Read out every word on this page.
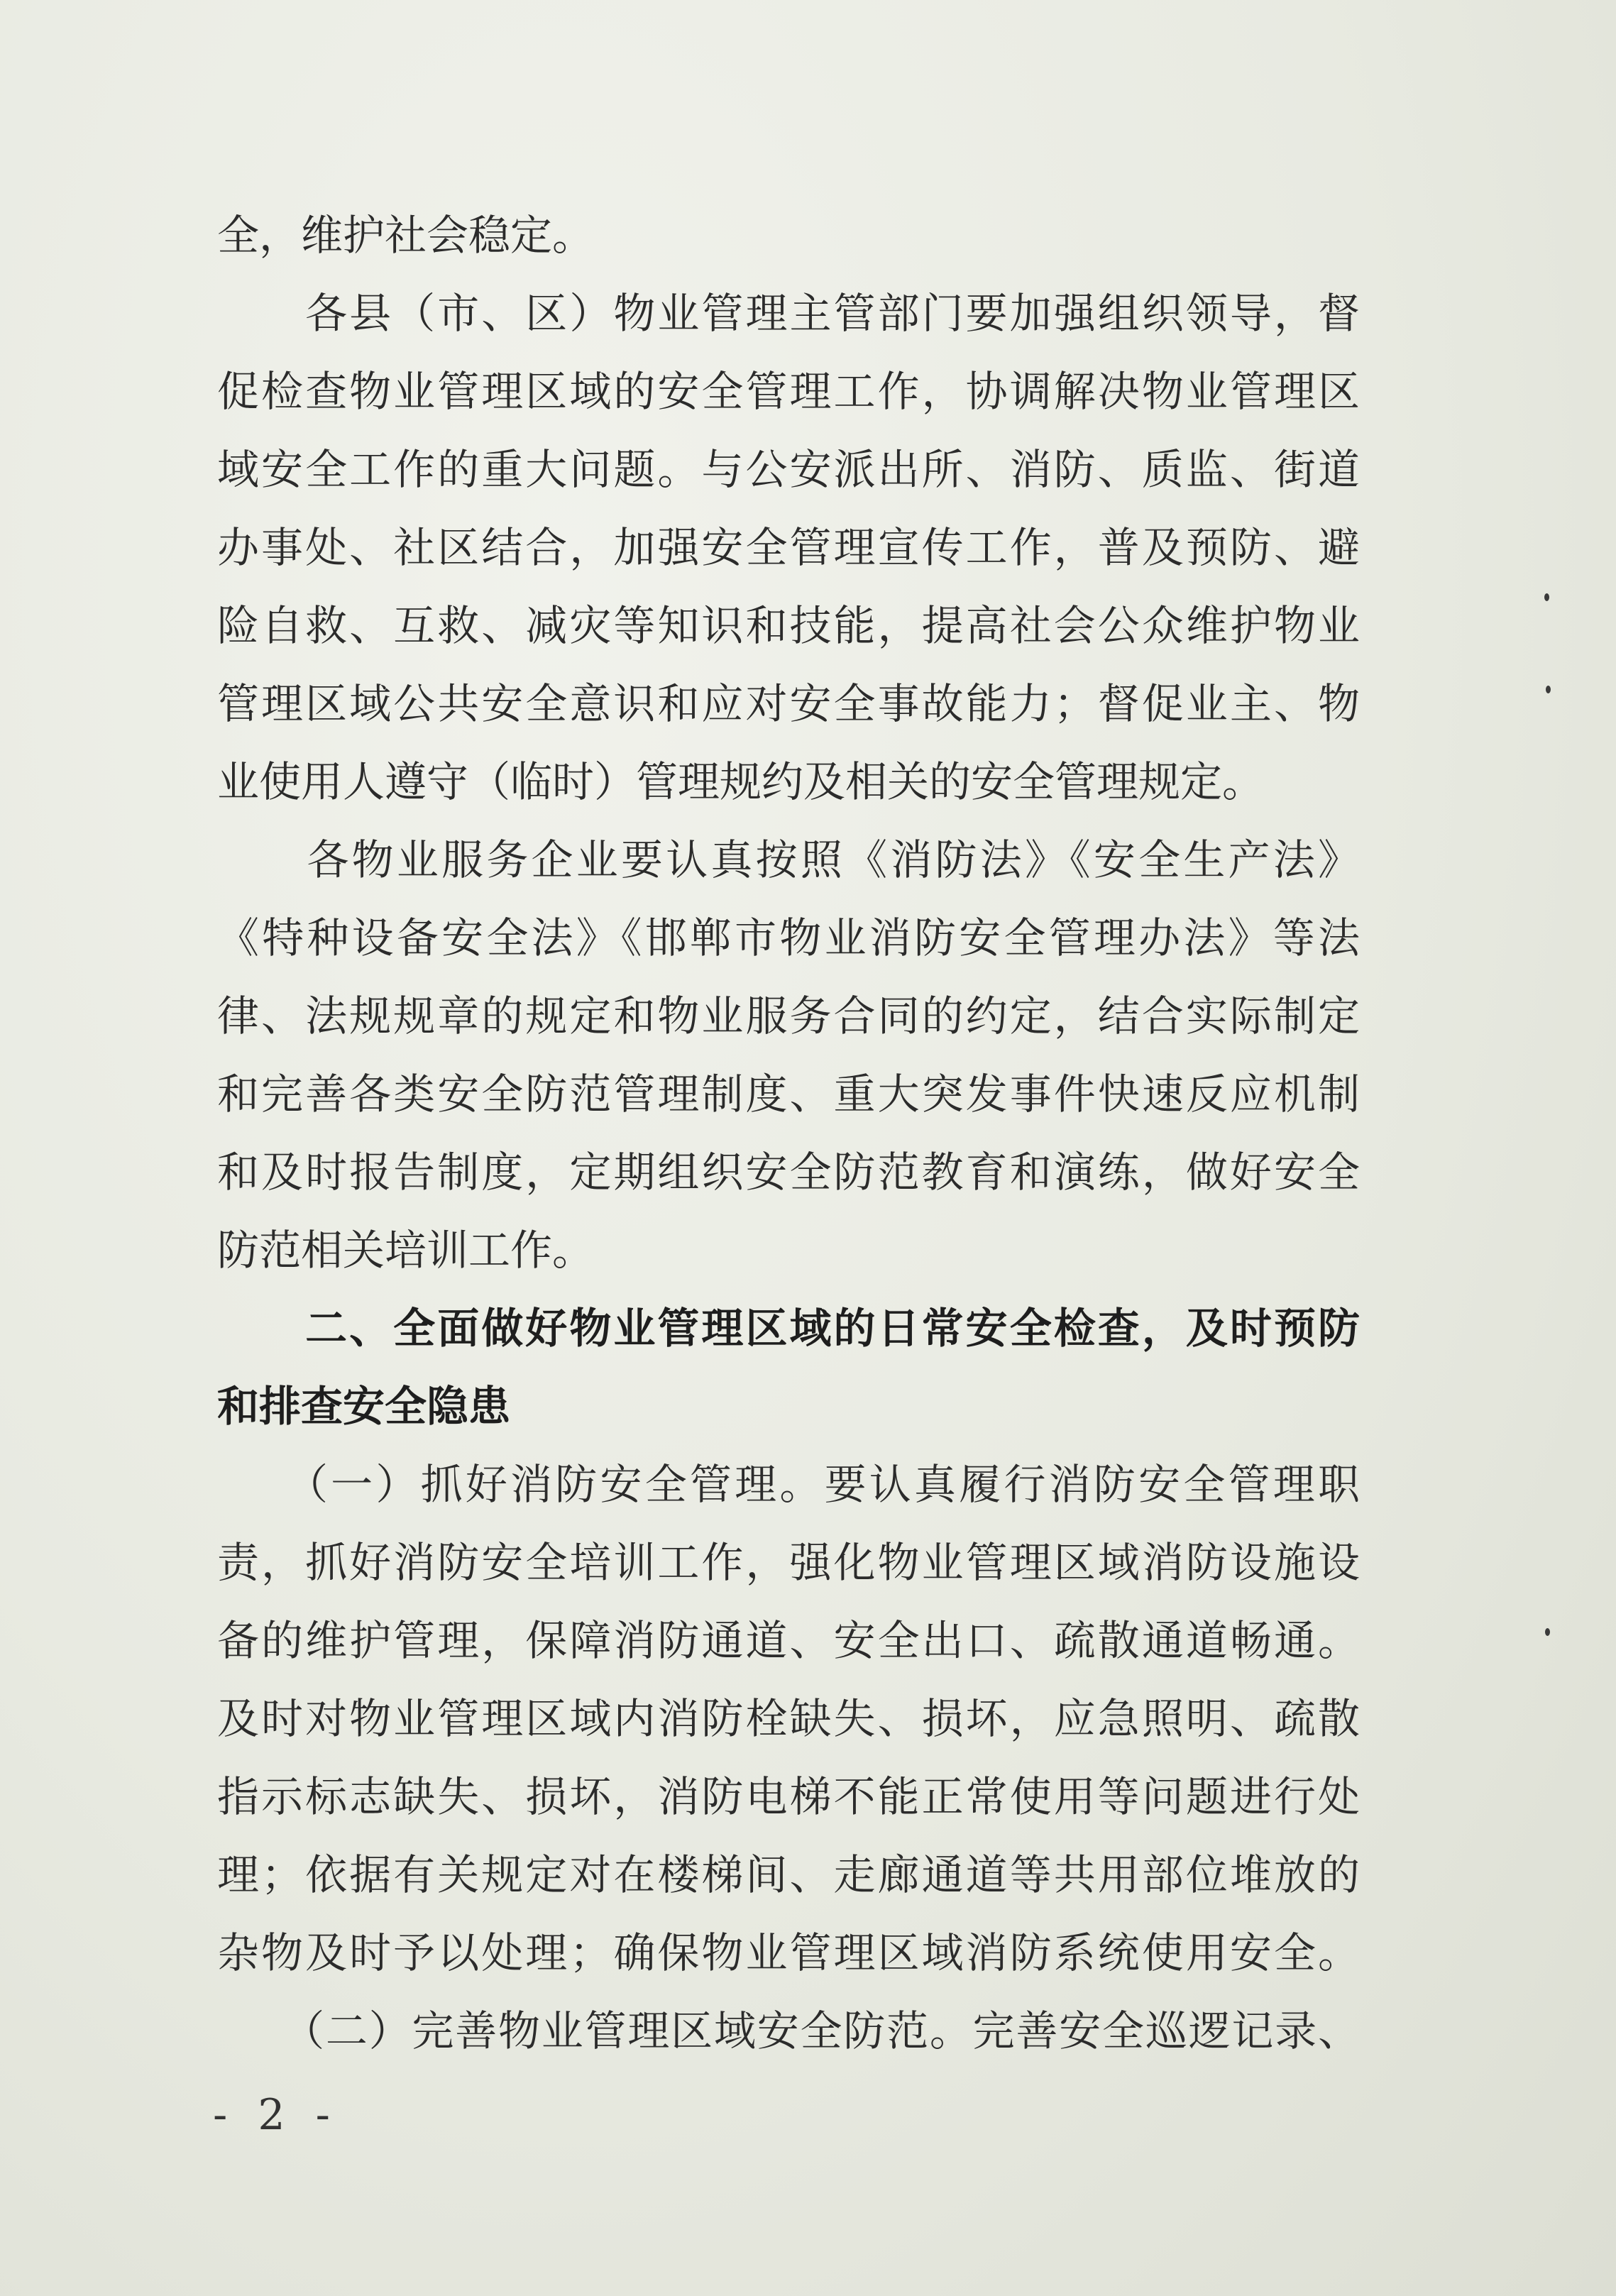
全，维护社会稳定。
　　各县（市、区）物业管理主管部门要加强组织领导，督
促检查物业管理区域的安全管理工作，协调解决物业管理区
域安全工作的重大问题。与公安派出所、消防、质监、街道
办事处、社区结合，加强安全管理宣传工作，普及预防、避
险自救、互救、减灾等知识和技能，提高社会公众维护物业
管理区域公共安全意识和应对安全事故能力；督促业主、物
业使用人遵守（临时）管理规约及相关的安全管理规定。
　　各物业服务企业要认真按照《消防法》《安全生产法》
《特种设备安全法》《邯郸市物业消防安全管理办法》等法
律、法规规章的规定和物业服务合同的约定，结合实际制定
和完善各类安全防范管理制度、重大突发事件快速反应机制
和及时报告制度，定期组织安全防范教育和演练，做好安全
防范相关培训工作。
　　二、全面做好物业管理区域的日常安全检查，及时预防
和排查安全隐患
　　（一）抓好消防安全管理。要认真履行消防安全管理职
责，抓好消防安全培训工作，强化物业管理区域消防设施设
备的维护管理，保障消防通道、安全出口、疏散通道畅通。
及时对物业管理区域内消防栓缺失、损坏，应急照明、疏散
指示标志缺失、损坏，消防电梯不能正常使用等问题进行处
理；依据有关规定对在楼梯间、走廊通道等共用部位堆放的
杂物及时予以处理；确保物业管理区域消防系统使用安全。
　　（二）完善物业管理区域安全防范。完善安全巡逻记录、
- 2 -
